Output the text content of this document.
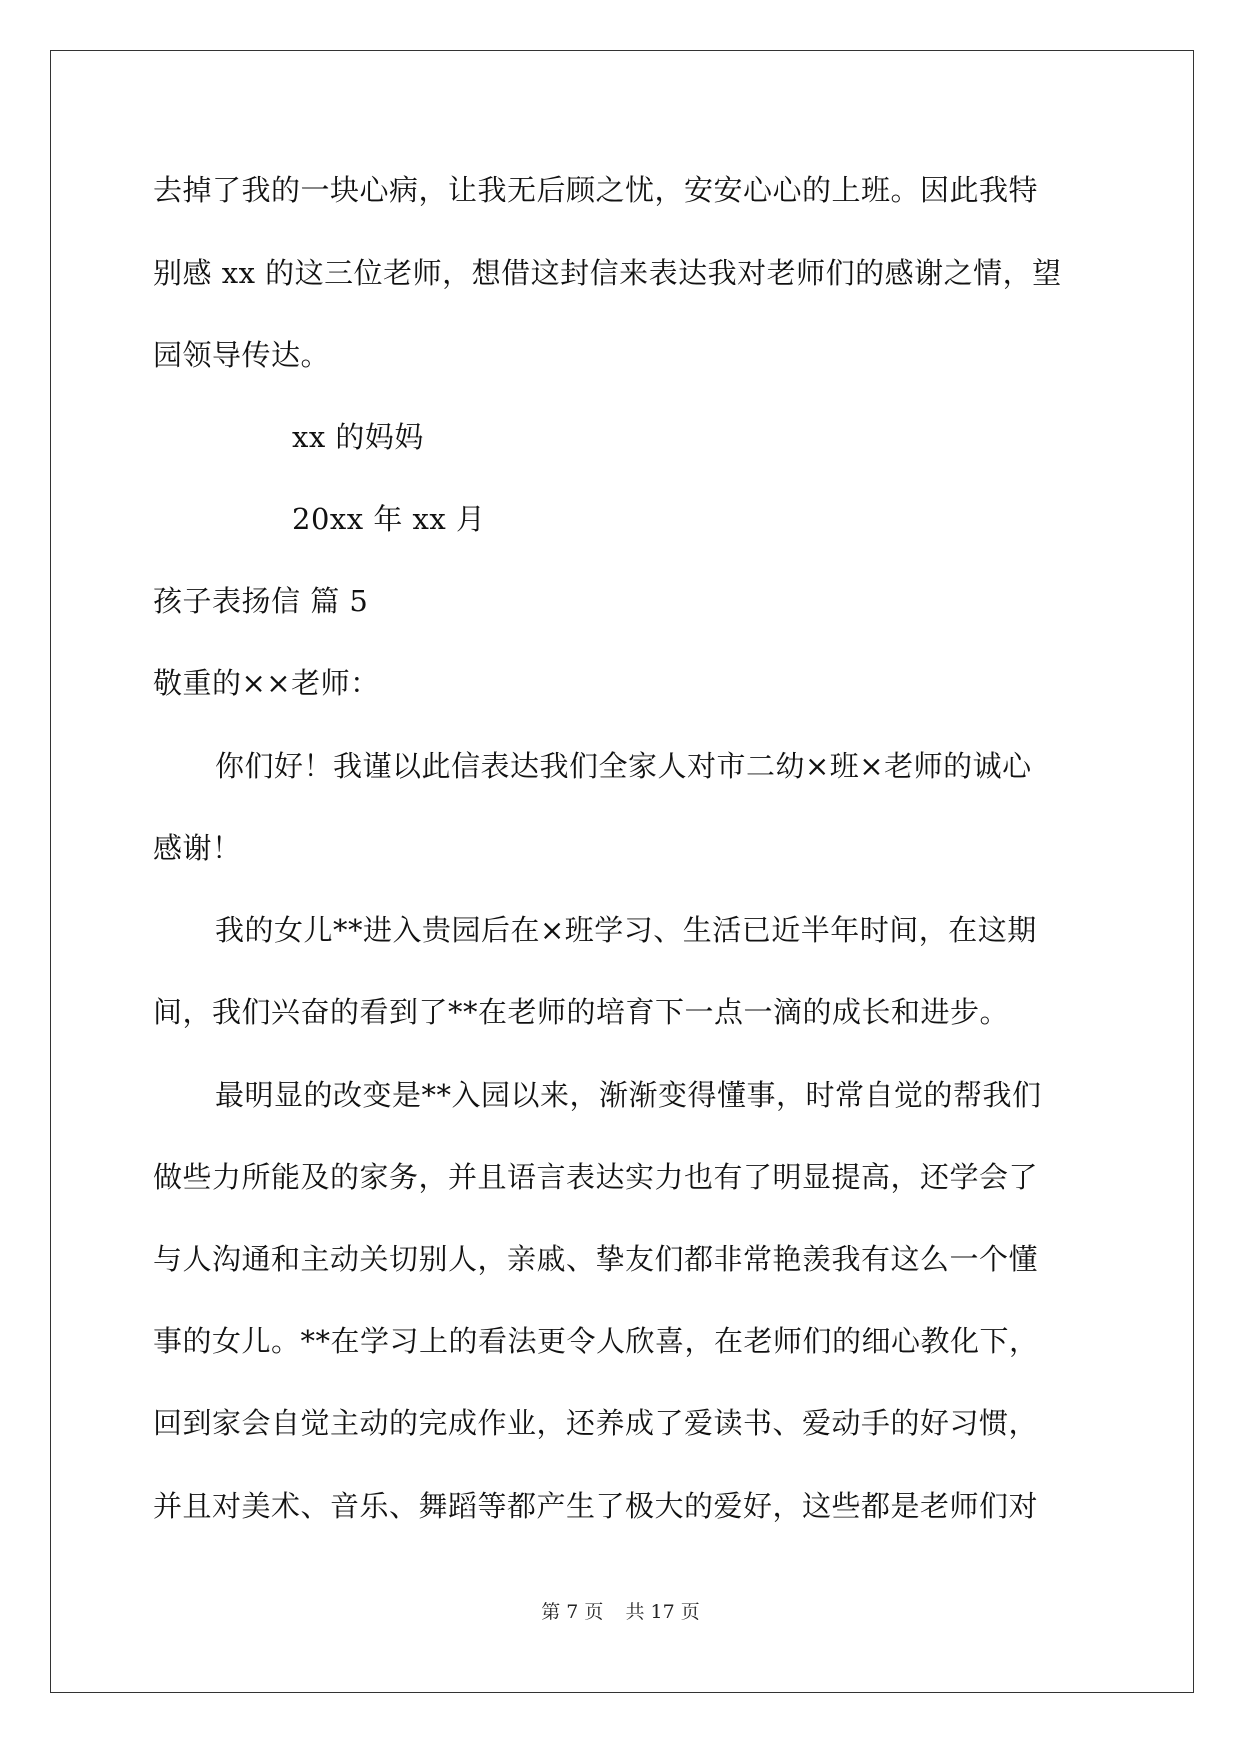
去掉了我的一块心病，让我无后顾之忧，安安心心的上班。因此我特
别感 xx 的这三位老师，想借这封信来表达我对老师们的感谢之情，望
园领导传达。
xx 的妈妈
20xx 年 xx 月
孩子表扬信 篇 5
敬重的××老师：
你们好！我谨以此信表达我们全家人对市二幼×班×老师的诚心
感谢！
我的女儿**进入贵园后在×班学习、生活已近半年时间，在这期
间，我们兴奋的看到了**在老师的培育下一点一滴的成长和进步。
最明显的改变是**入园以来，渐渐变得懂事，时常自觉的帮我们
做些力所能及的家务，并且语言表达实力也有了明显提高，还学会了
与人沟通和主动关切别人，亲戚、挚友们都非常艳羡我有这么一个懂
事的女儿。**在学习上的看法更令人欣喜，在老师们的细心教化下，
回到家会自觉主动的完成作业，还养成了爱读书、爱动手的好习惯，
并且对美术、音乐、舞蹈等都产生了极大的爱好，这些都是老师们对
第 7 页 共 17 页
